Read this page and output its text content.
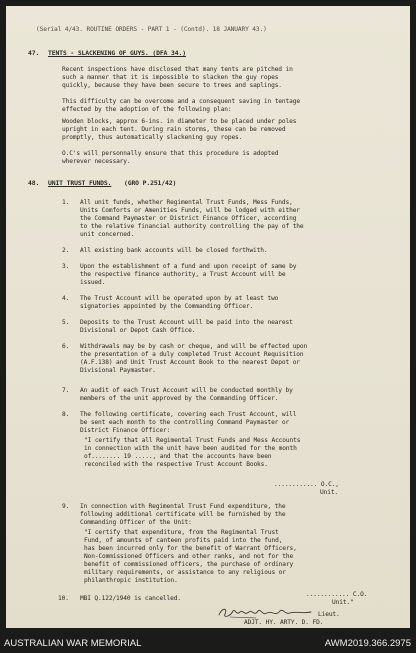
(Serial 4/43. ROUTINE ORDERS - PART 1 - (Contd). 18 JANUARY 43.)

47. TENTS - SLACKENING OF GUYS. (DFA 34.)

Recent inspections have disclosed that many tents are pitched in

such a manner that it is impossible to slacken the guy ropes

quickly, because they have been secure to trees and saplings.

This difficulty can be overcome and a consequent saving in tentage

effected by the adoption of the following plan:

Wooden blocks, approx 6-ins. in diameter to be placed under poles

upright in each tent. During rain storms, these can be removed

promptly, thus automatically slackening guy ropes.

O.C's will personnally ensure that this procedure is adopted

wherever necessary.

48. UNIT TRUST FUNDS. (GRO P.251/42)

1. All unit funds, whether Regimental Trust Funds, Mess Funds,

Units Comforts or Amenities Funds, will be lodged with either

the Command Paymaster or District Finance Officer, according

to the relative financial authority controlling the pay of the

unit concerned.

2. All existing bank accounts will be closed forthwith.

3. Upon the establishment of a fund and upon receipt of same by

the respective finance authority, a Trust Account will be

issued.

4. The Trust Account will be operated upon by at least two

signatories appointed by the Commanding Officer.

5. Deposits to the Trust Account will be paid into the nearest

Divisional or Depot Cash Office.

6. Withdrawals may be by cash or cheque, and will be effected upon

the presentation of a duly completed Trust Account Requisition

(A.F.138) and Unit Trust Account Book to the nearest Depot or

Divisional Paymaster.

7. An audit of each Trust Account will be conducted monthly by

members of the unit approved by the Commanding Officer.

8. The following certificate, covering each Trust Account, will

be sent each month to the controlling Command Paymaster or

District Finance Officer:

"I certify that all Regimental Trust Funds and Mess Accounts

in connection with the unit have been audited for the month

of........ 19 ....., and that the accounts have been

reconciled with the respective Trust Account Books.

............ O.C.,

Unit.

9. In connection with Regimental Trust Fund expenditure, the

following additional certificate will be furnished by the

Commanding Officer of the Unit:

"I certify that expenditure, from the Regimental Trust

Fund, of amounts of canteen profits paid into the fund,

has been incurred only for the benefit of Warrant Officers,

Non-Commissioned Officers and other ranks, and not for the

benefit of commissioned officers, the purchase of ordinary

military requirements, or assistance to any religious or

philanthropic institution.

10. MBI Q.122/1940 is cancelled.

............ C.O.

Unit."

Lieut.

ADJT. HY. ARTY. D. FD.

AUSTRALIAN WAR MEMORIAL	AWM2019.366.2975
